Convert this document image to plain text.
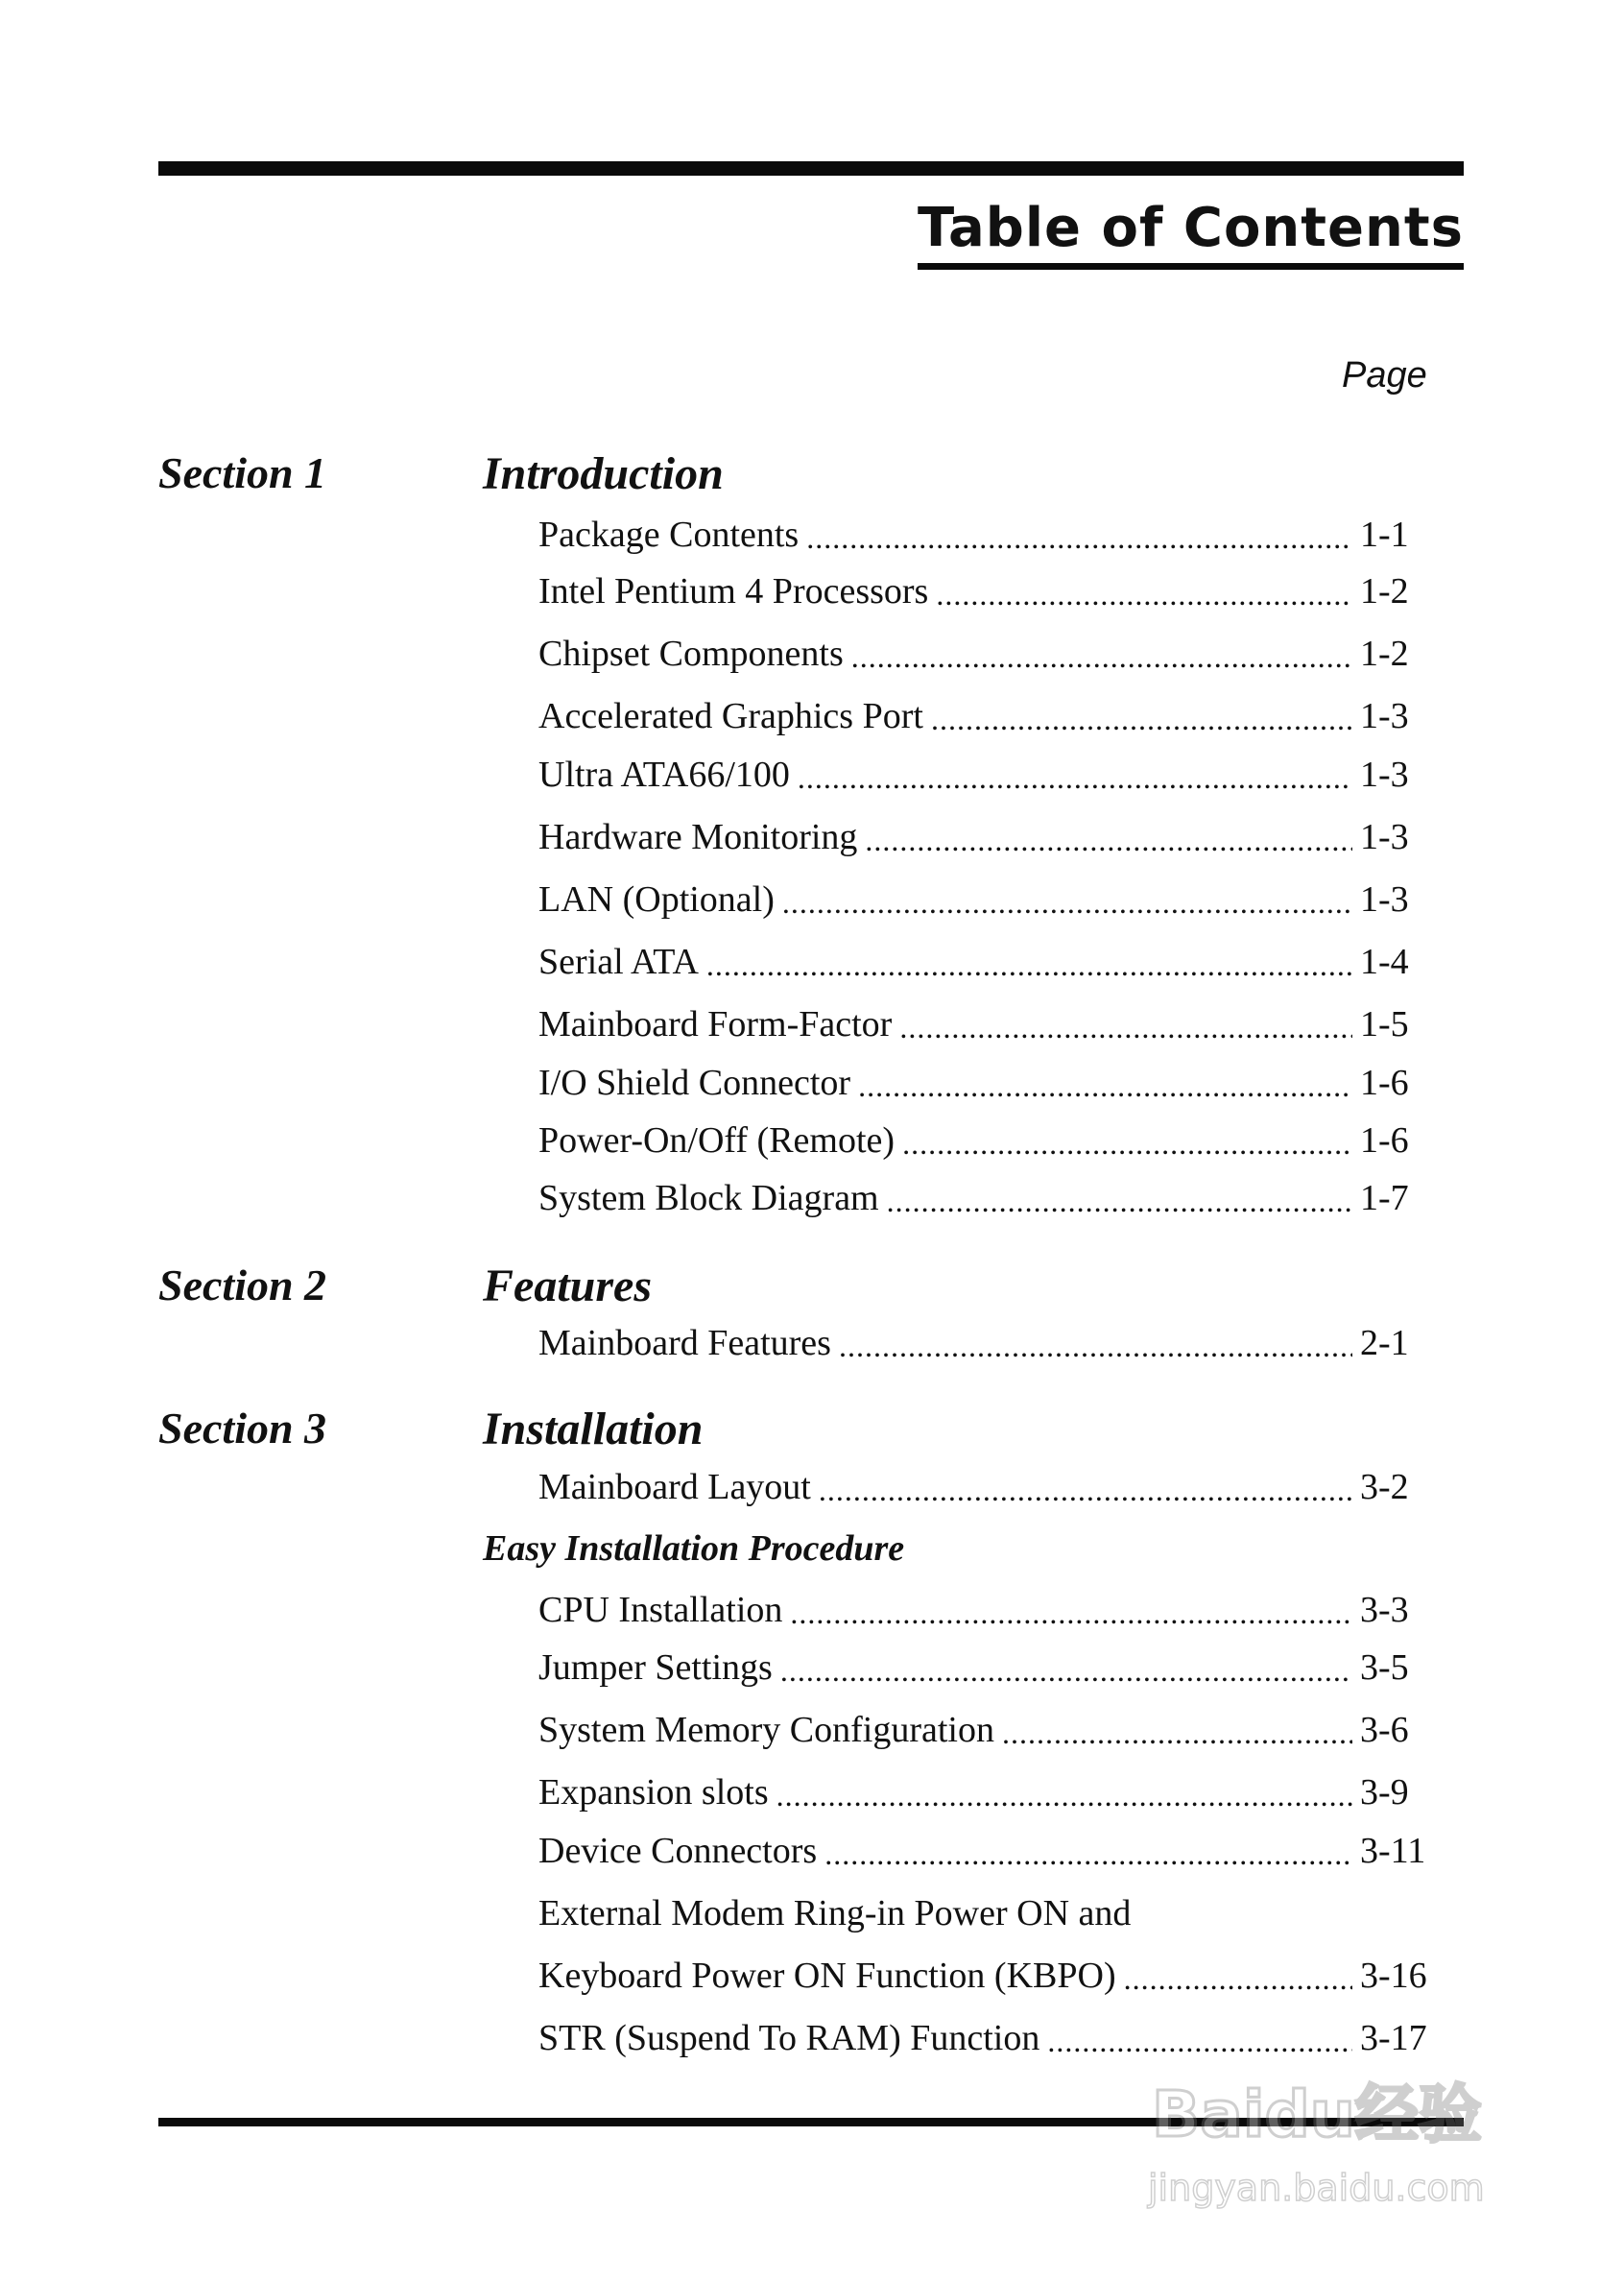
Table of Contents
Page
Section 1	Introduction
Package Contents .....	1-1
Intel Pentium 4 Processors .....	1-2
Chipset Components .....	1-2
Accelerated Graphics Port .....	1-3
Ultra ATA66/100 .....	1-3
Hardware Monitoring .....	1-3
LAN (Optional) .....	1-3
Serial ATA .....	1-4
Mainboard Form-Factor .....	1-5
I/O Shield Connector .....	1-6
Power-On/Off (Remote) .....	1-6
System Block Diagram .....	1-7
Section 2	Features
Mainboard Features .....	2-1
Section 3	Installation
Mainboard Layout .....	3-2
Easy Installation Procedure
CPU Installation .....	3-3
Jumper Settings .....	3-5
System Memory Configuration .....	3-6
Expansion slots .....	3-9
Device Connectors .....	3-11
External Modem Ring-in Power ON and
Keyboard Power ON Function (KBPO) .....	3-16
STR (Suspend To RAM) Function .....	3-17
Baidu经验
jingyan.baidu.com
